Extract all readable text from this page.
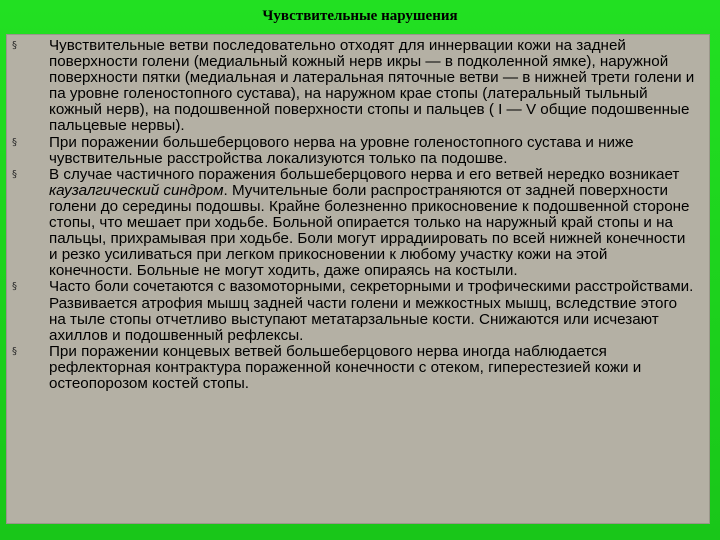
Чувствительные нарушения
§ Чувствительные ветви последовательно отходят для иннервации кожи на задней поверхности голени (медиальный кожный нерв икры — в подколенной ямке), наружной поверхности пятки (медиальная и латеральная пяточные ветви — в нижней трети голени и па уровне голеностопного сустава), на наружном крае стопы (латеральный тыльный кожный нерв), на подошвенной поверхности стопы и пальцев ( I — V общие подошвенные пальцевые нервы).
§ При поражении большеберцового нерва на уровне голеностопного сустава и ниже чувствительные расстройства локализуются только па подошве.
§ В случае частичного поражения большеберцового нерва и его ветвей нередко возникает каузалгический синдром. Мучительные боли распространяются от задней поверхности голени до середины подошвы. Крайне болезненно прикосновение к подошвенной стороне стопы, что мешает при ходьбе. Больной опирается только на наружный край стопы и на пальцы, прихрамывая при ходьбе. Боли могут иррадиировать по всей нижней конечности и резко усиливаться при легком прикосновении к любому участку кожи на этой конечности. Больные не могут ходить, даже опираясь на костыли.
§ Часто боли сочетаются с вазомоторными, секреторными и трофическими расстройствами. Развивается атрофия мышц задней части голени и межкостных мышц, вследствие этого на тыле стопы отчетливо выступают метатарзальные кости. Снижаются или исчезают ахиллов и подошвенный рефлексы.
§ При поражении концевых ветвей большеберцового нерва иногда наблюдается рефлекторная контрактура пораженной конечности с отеком, гиперестезией кожи и остеопорозом костей стопы.
